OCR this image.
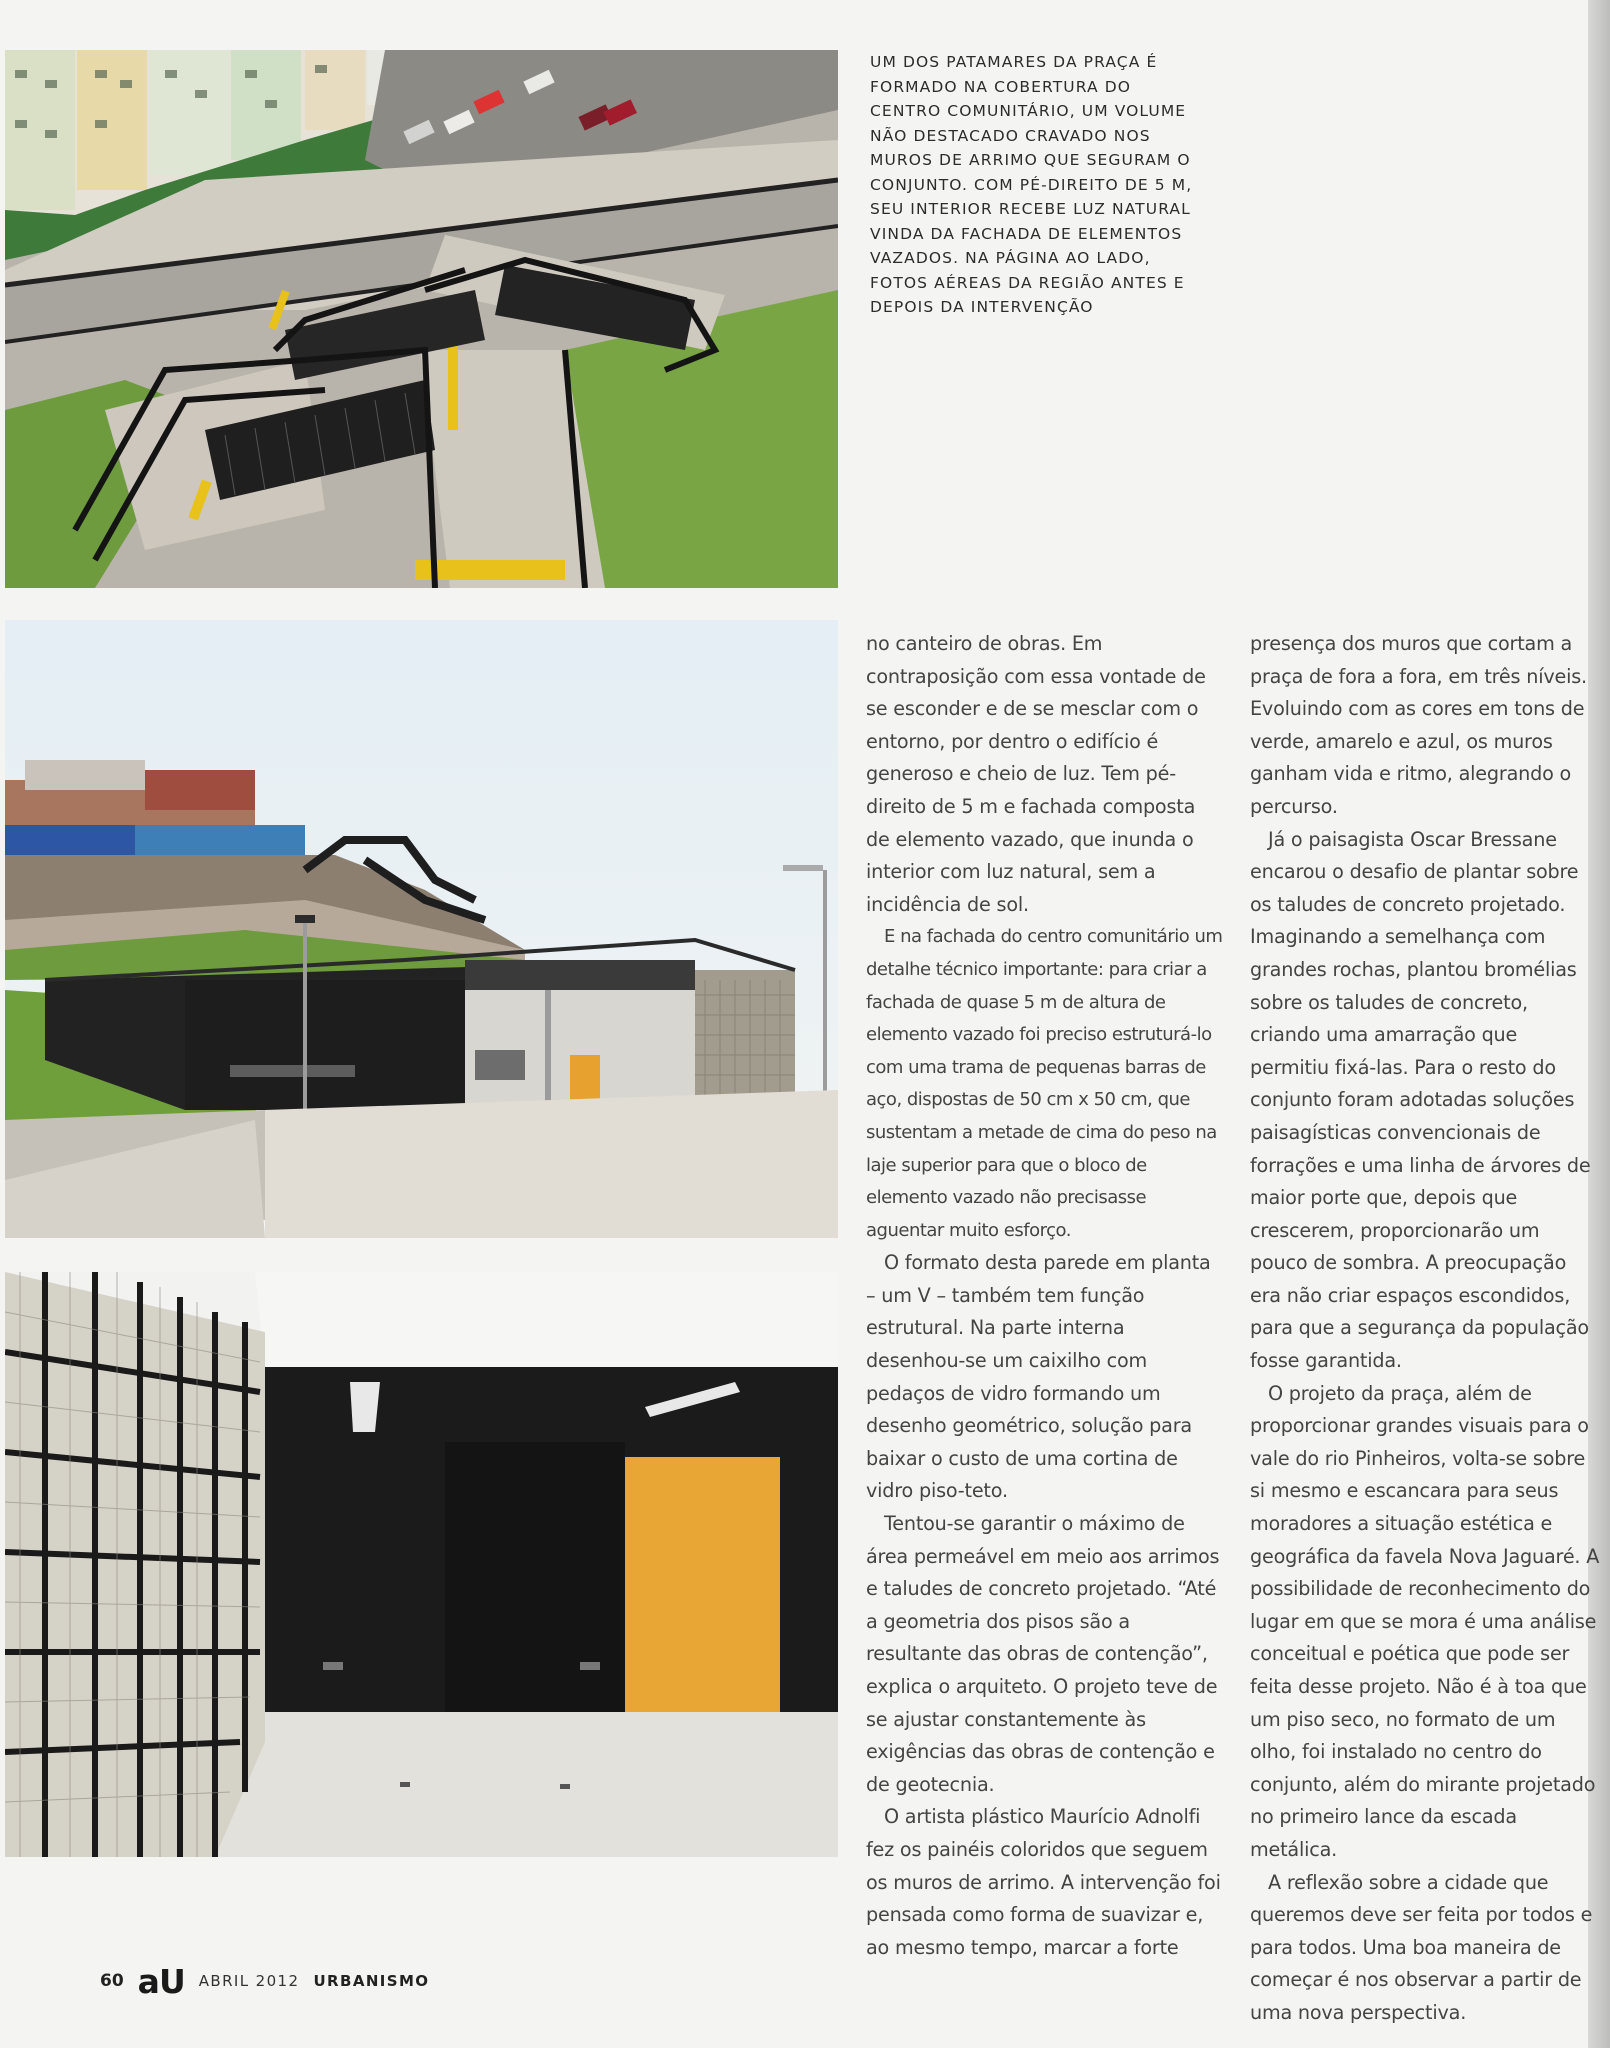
UM DOS PATAMARES DA PRAÇA É FORMADO NA COBERTURA DO CENTRO COMUNITÁRIO, UM VOLUME NÃO DESTACADO CRAVADO NOS MUROS DE ARRIMO QUE SEGURAM O CONJUNTO. COM PÉ-DIREITO DE 5 M, SEU INTERIOR RECEBE LUZ NATURAL VINDA DA FACHADA DE ELEMENTOS VAZADOS. NA PÁGINA AO LADO, FOTOS AÉREAS DA REGIÃO ANTES E DEPOIS DA INTERVENÇÃO

no canteiro de obras. Em contraposição com essa vontade de se esconder e de se mesclar com o entorno, por dentro o edifício é generoso e cheio de luz. Tem pé-direito de 5 m e fachada composta de elemento vazado, que inunda o interior com luz natural, sem a incidência de sol.

E na fachada do centro comunitário um detalhe técnico importante: para criar a fachada de quase 5 m de altura de elemento vazado foi preciso estruturá-lo com uma trama de pequenas barras de aço, dispostas de 50 cm x 50 cm, que sustentam a metade de cima do peso na laje superior para que o bloco de elemento vazado não precisasse aguentar muito esforço.

O formato desta parede em planta – um V – também tem função estrutural. Na parte interna desenhou-se um caixilho com pedaços de vidro formando um desenho geométrico, solução para baixar o custo de uma cortina de vidro piso-teto.

Tentou-se garantir o máximo de área permeável em meio aos arrimos e taludes de concreto projetado. “Até a geometria dos pisos são a resultante das obras de contenção”, explica o arquiteto. O projeto teve de se ajustar constantemente às exigências das obras de contenção e de geotecnia.

O artista plástico Maurício Adnolfi fez os painéis coloridos que seguem os muros de arrimo. A intervenção foi pensada como forma de suavizar e, ao mesmo tempo, marcar a forte

presença dos muros que cortam a praça de fora a fora, em três níveis. Evoluindo com as cores em tons de verde, amarelo e azul, os muros ganham vida e ritmo, alegrando o percurso.

Já o paisagista Oscar Bressane encarou o desafio de plantar sobre os taludes de concreto projetado. Imaginando a semelhança com grandes rochas, plantou bromélias sobre os taludes de concreto, criando uma amarração que permitiu fixá-las. Para o resto do conjunto foram adotadas soluções paisagísticas convencionais de forrações e uma linha de árvores de maior porte que, depois que crescerem, proporcionarão um pouco de sombra. A preocupação era não criar espaços escondidos, para que a segurança da população fosse garantida.

O projeto da praça, além de proporcionar grandes visuais para o vale do rio Pinheiros, volta-se sobre si mesmo e escancara para seus moradores a situação estética e geográfica da favela Nova Jaguaré. A possibilidade de reconhecimento do lugar em que se mora é uma análise conceitual e poética que pode ser feita desse projeto. Não é à toa que um piso seco, no formato de um olho, foi instalado no centro do conjunto, além do mirante projetado no primeiro lance da escada metálica.

A reflexão sobre a cidade que queremos deve ser feita por todos e para todos. Uma boa maneira de começar é nos observar a partir de uma nova perspectiva.

60 aU ABRIL 2012 URBANISMO
